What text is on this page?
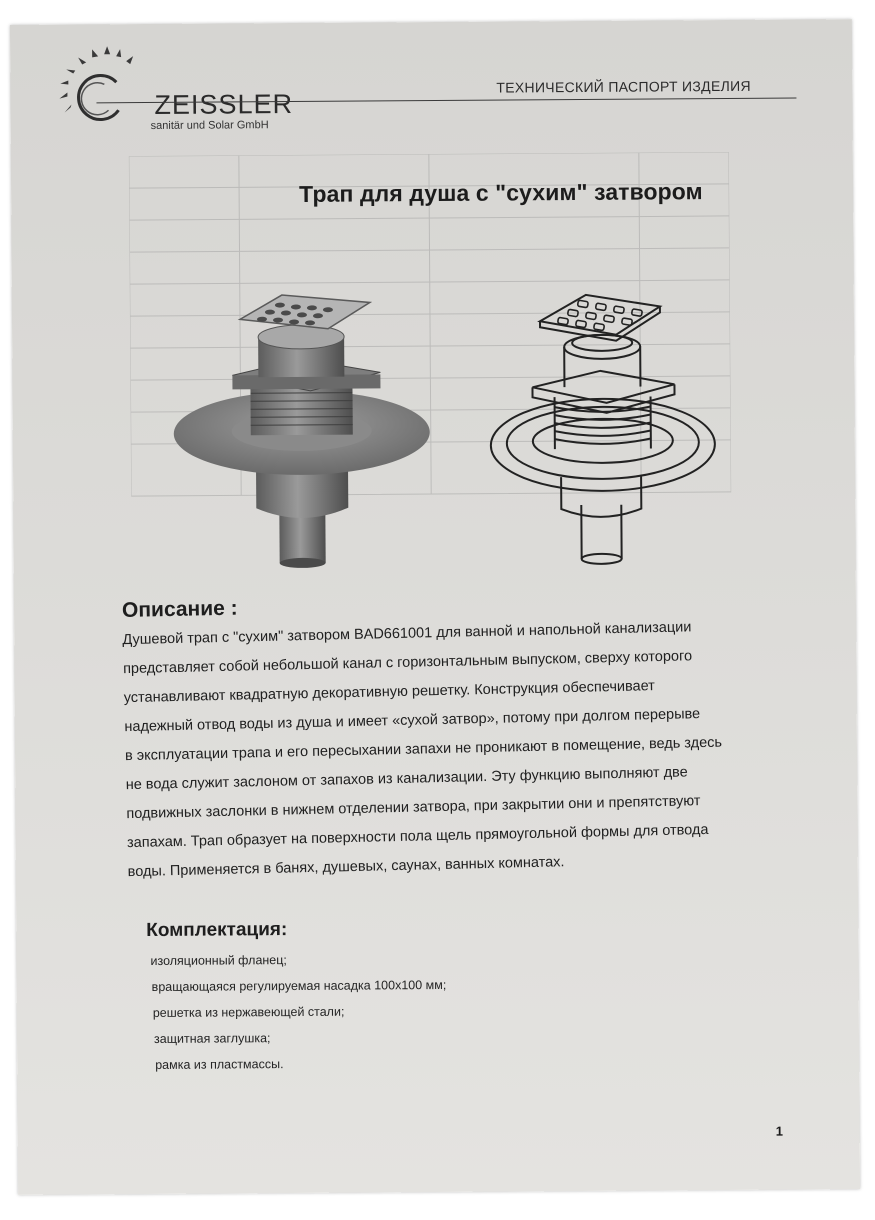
ZEISSLER
sanitär und Solar GmbH
ТЕХНИЧЕСКИЙ ПАСПОРТ ИЗДЕЛИЯ
Трап для душа с "сухим" затвором
Описание :
Душевой трап с "сухим" затвором BAD661001 для ванной и напольной канализации
представляет собой небольшой канал с горизонтальным выпуском, сверху которого
устанавливают квадратную декоративную решетку. Конструкция обеспечивает
надежный отвод воды из душа и имеет «сухой затвор», потому при долгом перерыве
в эксплуатации трапа и его пересыхании запахи не проникают в помещение, ведь здесь
не вода служит заслоном от запахов из канализации. Эту функцию выполняют две
подвижных заслонки в нижнем отделении затвора, при закрытии они и препятствуют
запахам. Трап образует на поверхности пола щель прямоугольной формы для отвода
воды. Применяется в банях, душевых, саунах, ванных комнатах.
Комплектация:
изоляционный фланец;
вращающаяся регулируемая насадка 100х100 мм;
решетка из нержавеющей стали;
защитная заглушка;
рамка из пластмассы.
1
